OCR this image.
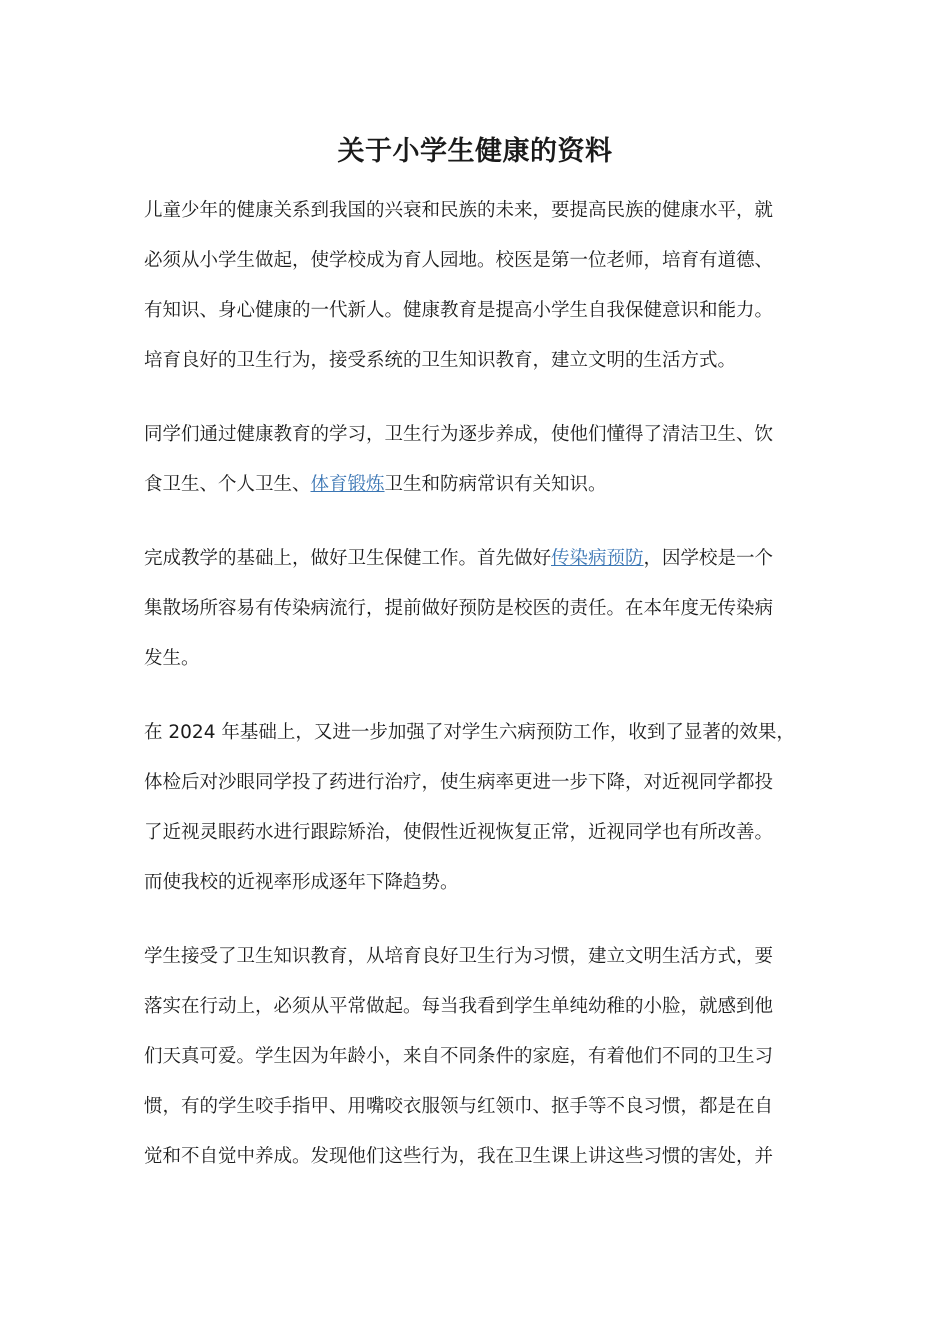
关于小学生健康的资料

儿童少年的健康关系到我国的兴衰和民族的未来，要提高民族的健康水平，就
必须从小学生做起，使学校成为育人园地。校医是第一位老师，培育有道德、
有知识、身心健康的一代新人。健康教育是提高小学生自我保健意识和能力。
培育良好的卫生行为，接受系统的卫生知识教育，建立文明的生活方式。

同学们通过健康教育的学习，卫生行为逐步养成，使他们懂得了清洁卫生、饮
食卫生、个人卫生、体育锻炼卫生和防病常识有关知识。

完成教学的基础上，做好卫生保健工作。首先做好传染病预防，因学校是一个
集散场所容易有传染病流行，提前做好预防是校医的责任。在本年度无传染病
发生。

在 2024 年基础上，又进一步加强了对学生六病预防工作，收到了显著的效果，
体检后对沙眼同学投了药进行治疗，使生病率更进一步下降，对近视同学都投
了近视灵眼药水进行跟踪矫治，使假性近视恢复正常，近视同学也有所改善。
而使我校的近视率形成逐年下降趋势。

学生接受了卫生知识教育，从培育良好卫生行为习惯，建立文明生活方式，要
落实在行动上，必须从平常做起。每当我看到学生单纯幼稚的小脸，就感到他
们天真可爱。学生因为年龄小，来自不同条件的家庭，有着他们不同的卫生习
惯，有的学生咬手指甲、用嘴咬衣服领与红领巾、抠手等不良习惯，都是在自
觉和不自觉中养成。发现他们这些行为，我在卫生课上讲这些习惯的害处，并
